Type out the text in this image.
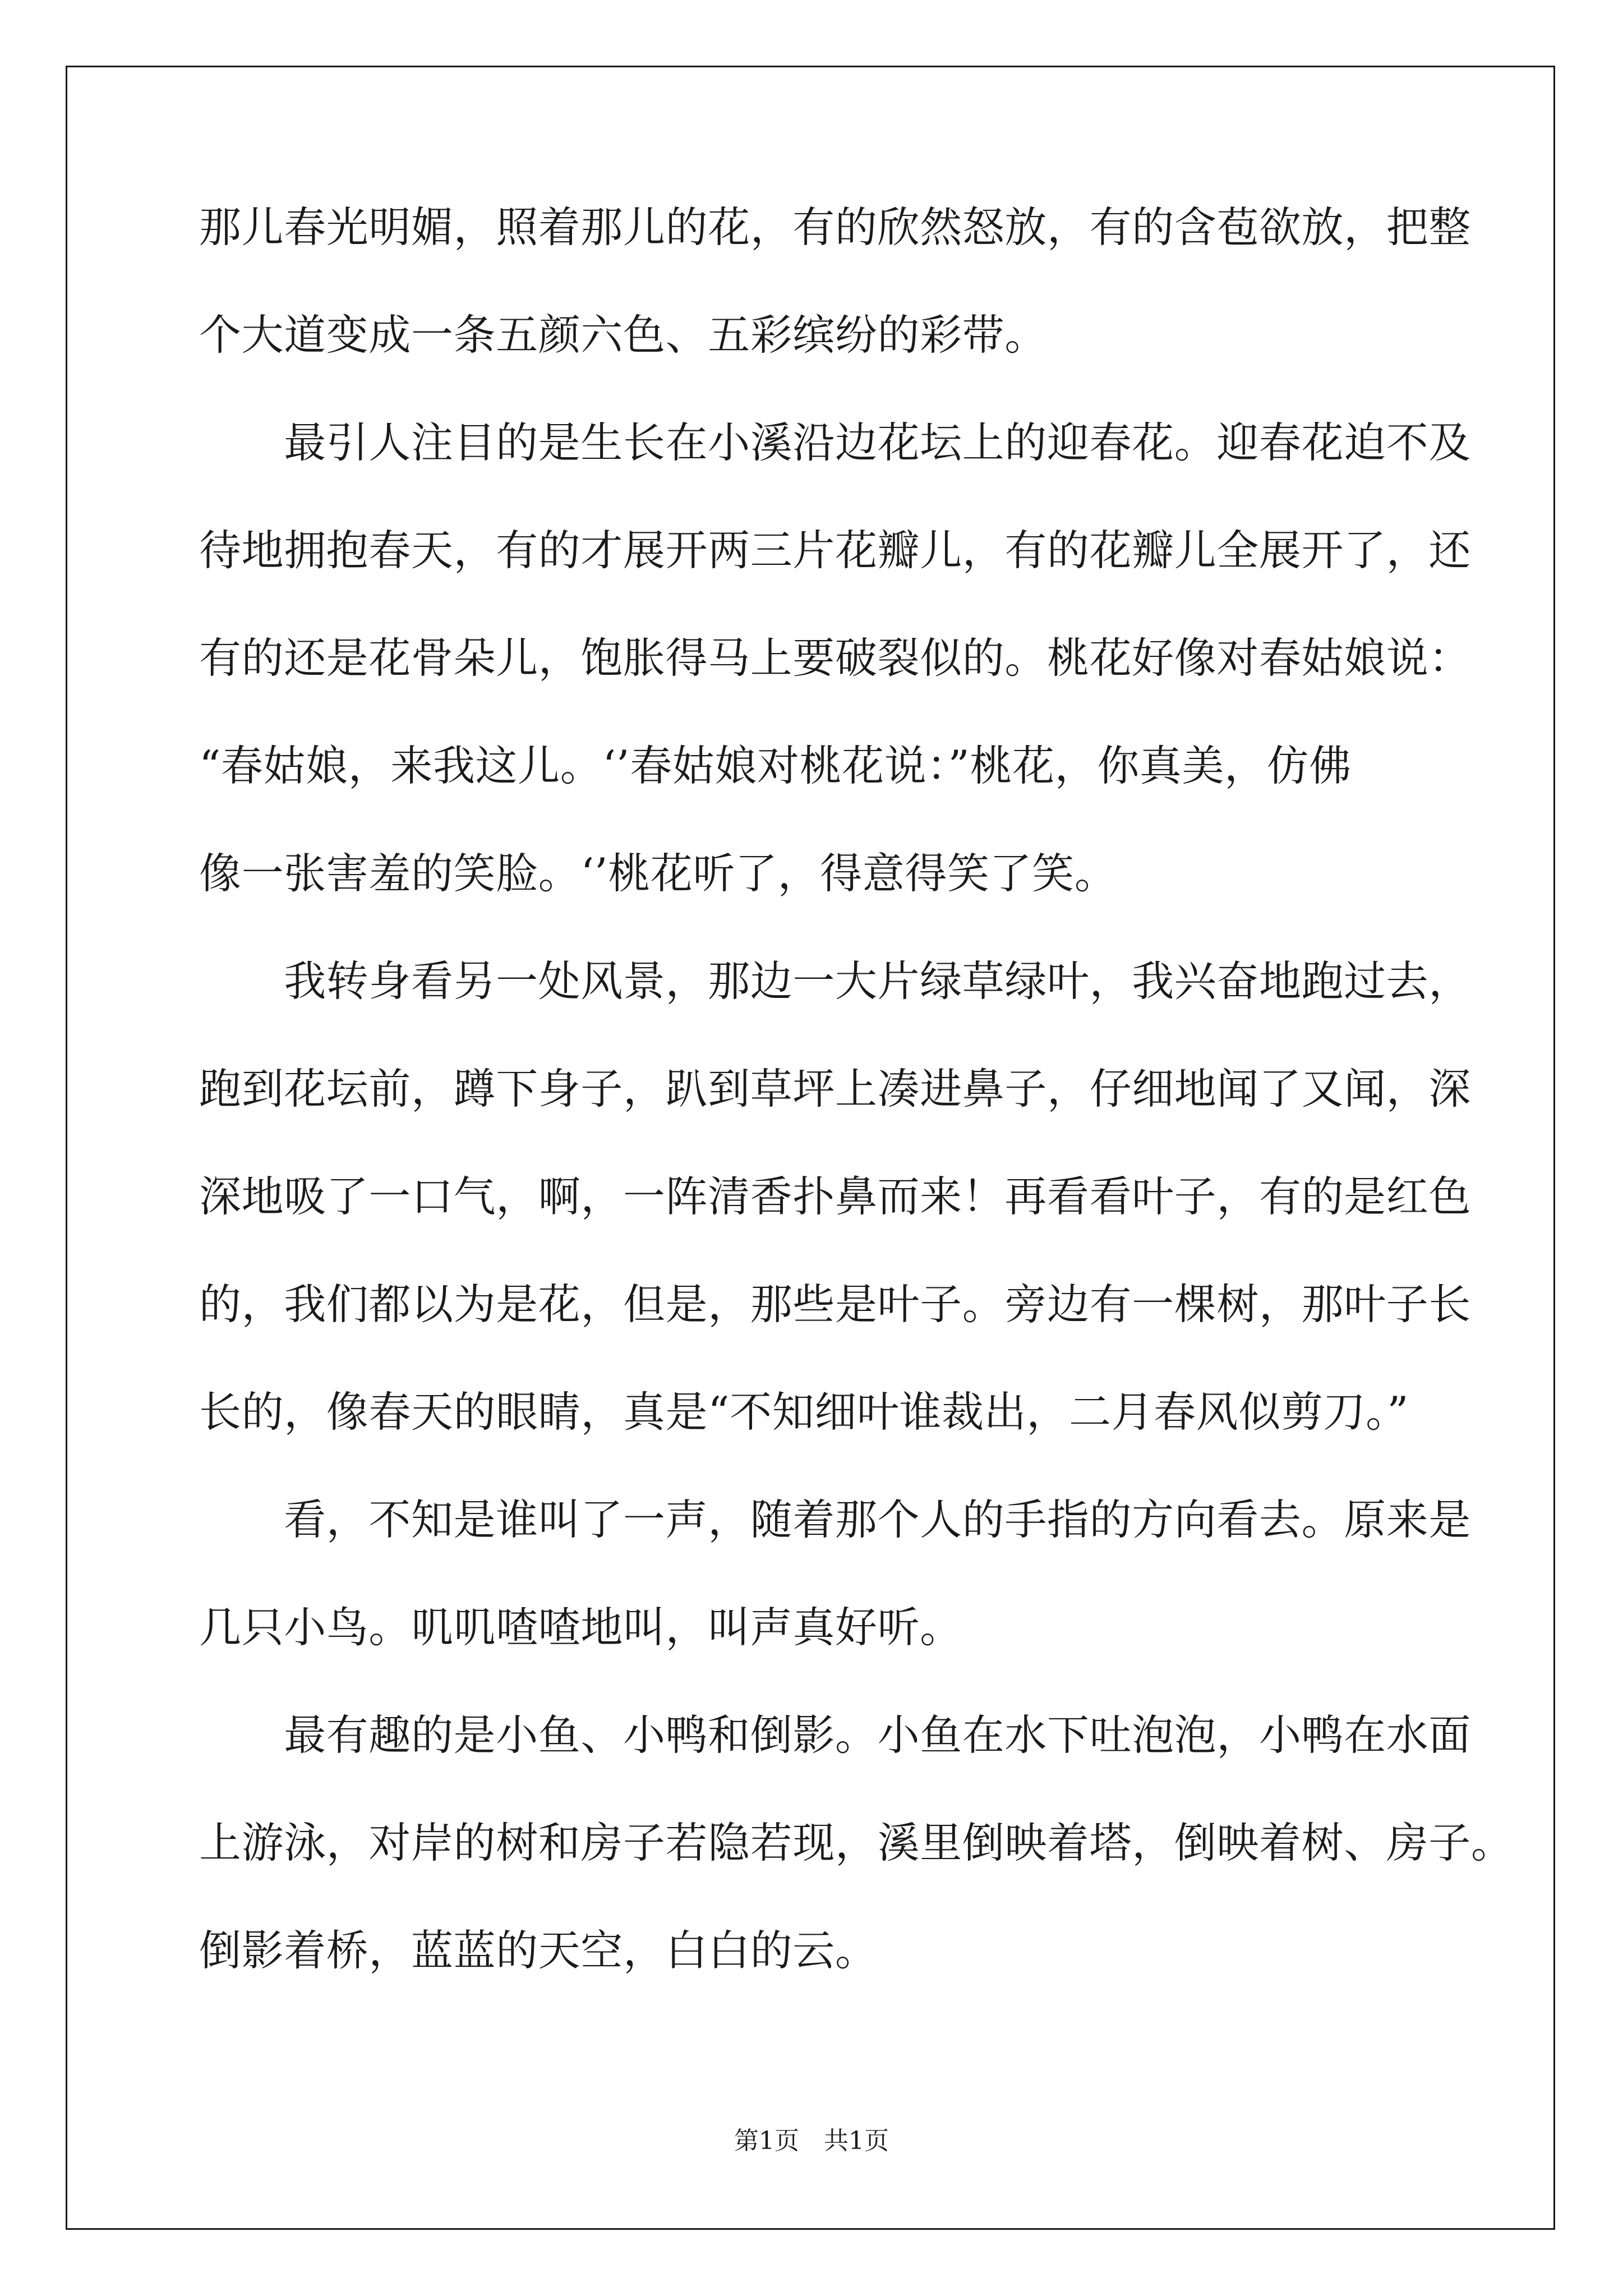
那儿春光明媚，照着那儿的花，有的欣然怒放，有的含苞欲放，把整
个大道变成一条五颜六色、五彩缤纷的彩带。
　　最引人注目的是生长在小溪沿边花坛上的迎春花。迎春花迫不及
待地拥抱春天，有的才展开两三片花瓣儿，有的花瓣儿全展开了，还
有的还是花骨朵儿，饱胀得马上要破裂似的。桃花好像对春姑娘说：
“春姑娘，来我这儿。‘’春姑娘对桃花说：”桃花，你真美，仿佛
像一张害羞的笑脸。‘’桃花听了，得意得笑了笑。
　　我转身看另一处风景，那边一大片绿草绿叶，我兴奋地跑过去，
跑到花坛前，蹲下身子，趴到草坪上凑进鼻子，仔细地闻了又闻，深
深地吸了一口气，啊，一阵清香扑鼻而来！再看看叶子，有的是红色
的，我们都以为是花，但是，那些是叶子。旁边有一棵树，那叶子长
长的，像春天的眼睛，真是“不知细叶谁裁出，二月春风似剪刀。”
　　看，不知是谁叫了一声，随着那个人的手指的方向看去。原来是
几只小鸟。叽叽喳喳地叫，叫声真好听。
　　最有趣的是小鱼、小鸭和倒影。小鱼在水下吐泡泡，小鸭在水面
上游泳，对岸的树和房子若隐若现，溪里倒映着塔，倒映着树、房子。
倒影着桥，蓝蓝的天空，白白的云。
第1页 共1页
